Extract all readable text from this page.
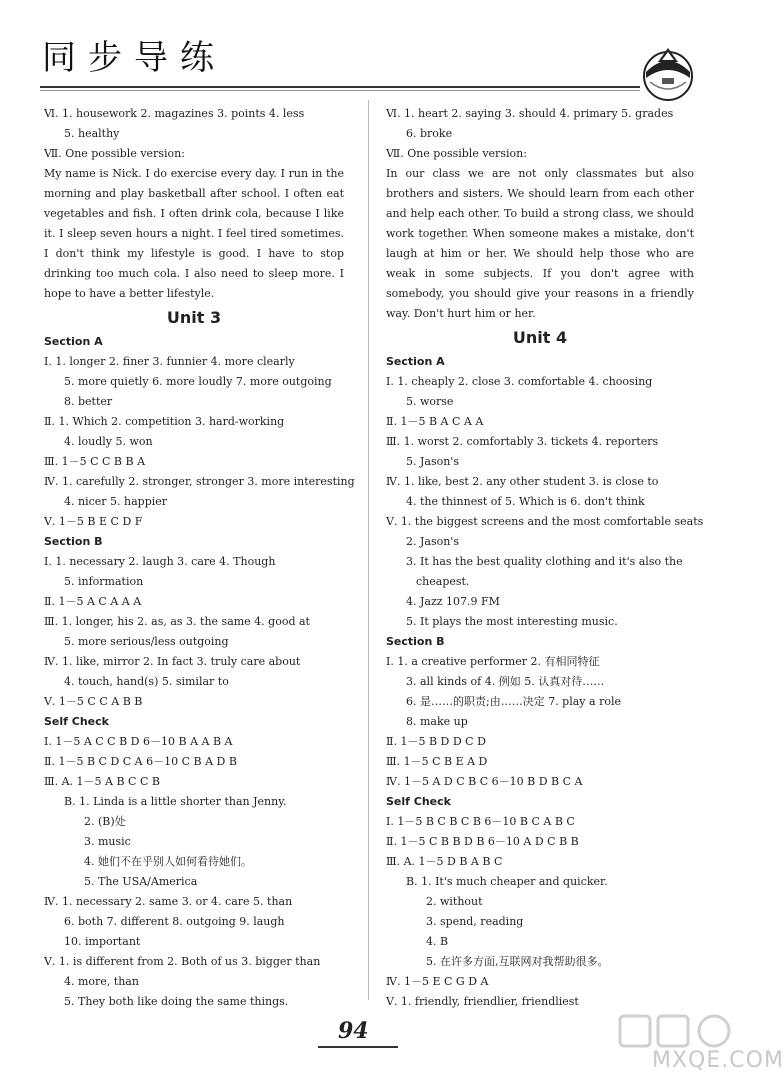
同步导练
Ⅵ. 1. housework 2. magazines 3. points 4. less
5. healthy
Ⅶ. One possible version:
My name is Nick. I do exercise every day. I run in the morning and play basketball after school. I often eat vegetables and fish. I often drink cola, because I like it. I sleep seven hours a night. I feel tired sometimes. I don't think my lifestyle is good. I have to stop drinking too much cola. I also need to sleep more. I hope to have a better lifestyle.
Unit 3
Section A
Ⅰ. 1. longer 2. finer 3. funnier 4. more clearly
5. more quietly 6. more loudly 7. more outgoing
8. better
Ⅱ. 1. Which 2. competition 3. hard-working
4. loudly 5. won
Ⅲ. 1－5 C C B B A
Ⅳ. 1. carefully 2. stronger, stronger 3. more interesting
4. nicer 5. happier
Ⅴ. 1－5 B E C D F
Section B
Ⅰ. 1. necessary 2. laugh 3. care 4. Though
5. information
Ⅱ. 1－5 A C A A A
Ⅲ. 1. longer, his 2. as, as 3. the same 4. good at
5. more serious/less outgoing
Ⅳ. 1. like, mirror 2. In fact 3. truly care about
4. touch, hand(s) 5. similar to
Ⅴ. 1－5 C C A B B
Self Check
Ⅰ. 1－5 A C C B D 6－10 B A A B A
Ⅱ. 1－5 B C D C A 6－10 C B A D B
Ⅲ. A. 1－5 A B C C B
B. 1. Linda is a little shorter than Jenny.
2. (B)处
3. music
4. 她们不在乎别人如何看待她们。
5. The USA/America
Ⅳ. 1. necessary 2. same 3. or 4. care 5. than
6. both 7. different 8. outgoing 9. laugh
10. important
Ⅴ. 1. is different from 2. Both of us 3. bigger than
4. more, than
5. They both like doing the same things.
Ⅵ. 1. heart 2. saying 3. should 4. primary 5. grades
6. broke
Ⅶ. One possible version:
In our class we are not only classmates but also brothers and sisters. We should learn from each other and help each other. To build a strong class, we should work together. When someone makes a mistake, don't laugh at him or her. We should help those who are weak in some subjects. If you don't agree with somebody, you should give your reasons in a friendly way. Don't hurt him or her.
Unit 4
Section A
Ⅰ. 1. cheaply 2. close 3. comfortable 4. choosing
5. worse
Ⅱ. 1－5 B A C A A
Ⅲ. 1. worst 2. comfortably 3. tickets 4. reporters
5. Jason's
Ⅳ. 1. like, best 2. any other student 3. is close to
4. the thinnest of 5. Which is 6. don't think
Ⅴ. 1. the biggest screens and the most comfortable seats
2. Jason's
3. It has the best quality clothing and it's also the
cheapest.
4. Jazz 107.9 FM
5. It plays the most interesting music.
Section B
Ⅰ. 1. a creative performer 2. 有相同特征
3. all kinds of 4. 例如 5. 认真对待……
6. 是……的职责;由……决定 7. play a role
8. make up
Ⅱ. 1－5 B D D C D
Ⅲ. 1－5 C B E A D
Ⅳ. 1－5 A D C B C 6－10 B D B C A
Self Check
Ⅰ. 1－5 B C B C B 6－10 B C A B C
Ⅱ. 1－5 C B B D B 6－10 A D C B B
Ⅲ. A. 1－5 D B A B C
B. 1. It's much cheaper and quicker.
2. without
3. spend, reading
4. B
5. 在许多方面,互联网对我帮助很多。
Ⅳ. 1－5 E C G D A
Ⅴ. 1. friendly, friendlier, friendliest
94
MXQE.COM
